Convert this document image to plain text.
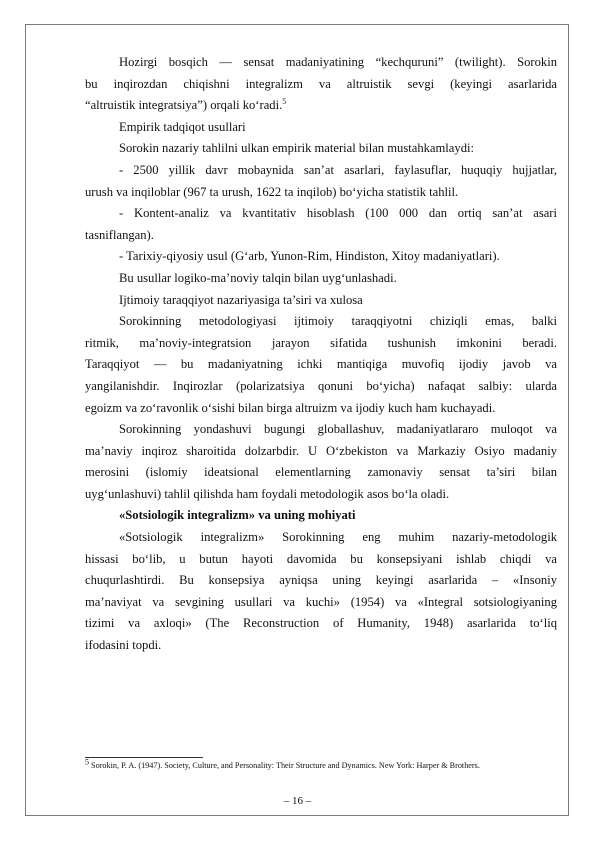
Hozirgi bosqich — sensat madaniyatining “kechquruni” (twilight). Sorokin
bu inqirozdan chiqishni integralizm va altruistik sevgi (keyingi asarlarida
“altruistik integratsiya”) orqali ko‘radi.$^5$

Empirik tadqiqot usullari

Sorokin nazariy tahlilni ulkan empirik material bilan mustahkamlaydi:

- 2500 yillik davr mobaynida san’at asarlari, faylasuflar, huquqiy hujjatlar,
urush va inqiloblar (967 ta urush, 1622 ta inqilob) bo‘yicha statistik tahlil.
- Kontent-analiz va kvantitativ hisoblash (100 000 dan ortiq san’at asari
tasniflangan).

- Tarixiy-qiyosiy usul (G‘arb, Yunon-Rim, Hindiston, Xitoy madaniyatlari).

Bu usullar logiko-ma’noviy talqin bilan uyg‘unlashadi.

Ijtimoiy taraqqiyot nazariyasiga ta’siri va xulosa

Sorokinning metodologiyasi ijtimoiy taraqqiyotni chiziqli emas, balki
ritmik, ma’noviy-integratsion jarayon sifatida tushunish imkonini beradi.
Taraqqiyot — bu madaniyatning ichki mantiqiga muvofiq ijodiy javob va
yangilanishdir. Inqirozlar (polarizatsiya qonuni bo‘yicha) nafaqat salbiy: ularda
egoizm va zo‘ravonlik o‘sishi bilan birga altruizm va ijodiy kuch ham kuchayadi.
Sorokinning yondashuvi bugungi globallashuv, madaniyatlararo muloqot va
ma’naviy inqiroz sharoitida dolzarbdir. U O‘zbekiston va Markaziy Osiyo madaniy
merosini (islomiy ideatsional elementlarning zamonaviy sensat ta’siri bilan
uyg‘unlashuvi) tahlil qilishda ham foydali metodologik asos bo‘la oladi.

«Sotsiologik integralizm» va uning mohiyati

«Sotsiologik integralizm» Sorokinning eng muhim nazariy-metodologik
hissasi bo‘lib, u butun hayoti davomida bu konsepsiyani ishlab chiqdi va
chuqurlashtirdi. Bu konsepsiya ayniqsa uning keyingi asarlarida – «Insoniy
ma’naviyat va sevgining usullari va kuchi» (1954) va «Integral sotsiologiyaning
tizimi va axloqi» (The Reconstruction of Humanity, 1948) asarlarida to‘liq
ifodasini topdi.
$^5$ Sorokin, P. A. (1947). Society, Culture, and Personality: Their Structure and Dynamics. New York: Harper & Brothers.
– 16 –
